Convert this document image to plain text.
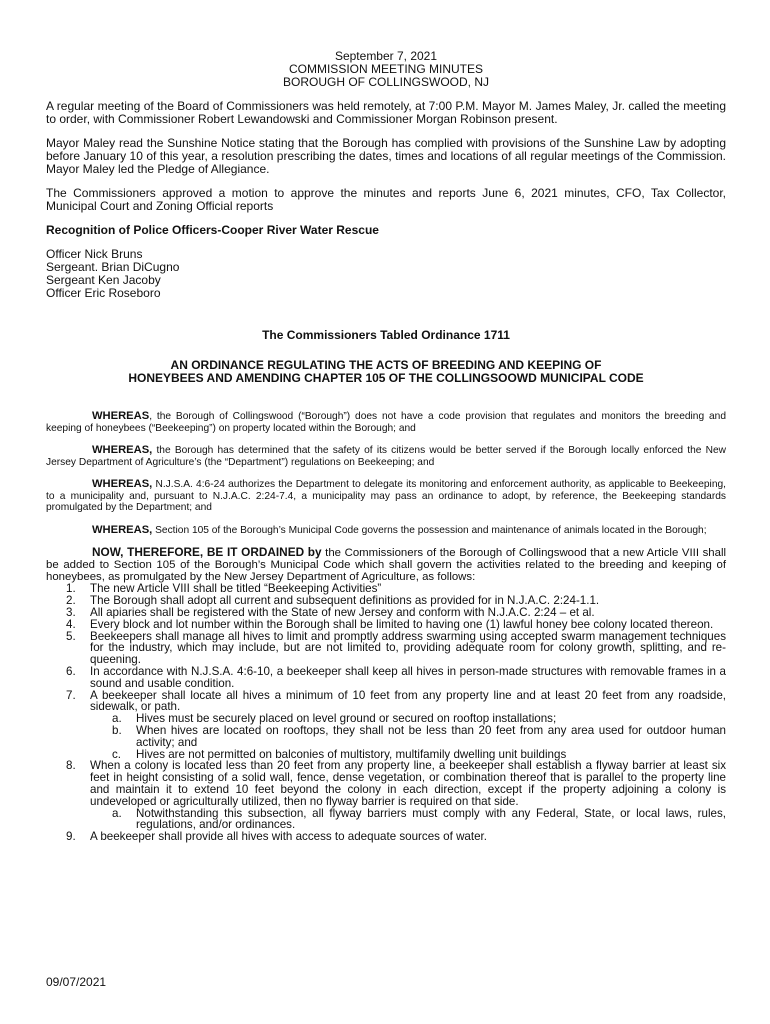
September 7, 2021
COMMISSION MEETING MINUTES
BOROUGH OF COLLINGSWOOD, NJ

A regular meeting of the Board of Commissioners was held remotely, at 7:00 P.M. Mayor M. James Maley, Jr. called the meeting to order, with Commissioner Robert Lewandowski and Commissioner Morgan Robinson present.

Mayor Maley read the Sunshine Notice stating that the Borough has complied with provisions of the Sunshine Law by adopting before January 10 of this year, a resolution prescribing the dates, times and locations of all regular meetings of the Commission. Mayor Maley led the Pledge of Allegiance.

The Commissioners approved a motion to approve the minutes and reports June 6, 2021 minutes, CFO, Tax Collector, Municipal Court and Zoning Official reports

Recognition of Police Officers-Cooper River Water Rescue

Officer Nick Bruns
Sergeant. Brian DiCugno
Sergeant Ken Jacoby
Officer Eric Roseboro

The Commissioners Tabled Ordinance 1711

AN ORDINANCE REGULATING THE ACTS OF BREEDING AND KEEPING OF
HONEYBEES AND AMENDING CHAPTER 105 OF THE COLLINGSOOWD MUNICIPAL CODE

WHEREAS, the Borough of Collingswood (“Borough”) does not have a code provision that regulates and monitors the breeding and keeping of honeybees (“Beekeeping”) on property located within the Borough; and

WHEREAS, the Borough has determined that the safety of its citizens would be better served if the Borough locally enforced the New Jersey Department of Agriculture’s (the “Department”) regulations on Beekeeping; and

WHEREAS, N.J.S.A. 4:6-24 authorizes the Department to delegate its monitoring and enforcement authority, as applicable to Beekeeping, to a municipality and, pursuant to N.J.A.C. 2:24-7.4, a municipality may pass an ordinance to adopt, by reference, the Beekeeping standards promulgated by the Department; and

WHEREAS, Section 105 of the Borough’s Municipal Code governs the possession and maintenance of animals located in the Borough;

NOW, THEREFORE, BE IT ORDAINED by the Commissioners of the Borough of Collingswood that a new Article VIII shall be added to Section 105 of the Borough’s Municipal Code which shall govern the activities related to the breeding and keeping of honeybees, as promulgated by the New Jersey Department of Agriculture, as follows:

1. The new Article VIII shall be titled “Beekeeping Activities”
2. The Borough shall adopt all current and subsequent definitions as provided for in N.J.A.C. 2:24-1.1.
3. All apiaries shall be registered with the State of new Jersey and conform with N.J.A.C. 2:24 – et al.
4. Every block and lot number within the Borough shall be limited to having one (1) lawful honey bee colony located thereon.
5. Beekeepers shall manage all hives to limit and promptly address swarming using accepted swarm management techniques for the industry, which may include, but are not limited to, providing adequate room for colony growth, splitting, and re-queening.
6. In accordance with N.J.S.A. 4:6-10, a beekeeper shall keep all hives in person-made structures with removable frames in a sound and usable condition.
7. A beekeeper shall locate all hives a minimum of 10 feet from any property line and at least 20 feet from any roadside, sidewalk, or path.
a. Hives must be securely placed on level ground or secured on rooftop installations;
b. When hives are located on rooftops, they shall not be less than 20 feet from any area used for outdoor human activity; and
c. Hives are not permitted on balconies of multistory, multifamily dwelling unit buildings
8. When a colony is located less than 20 feet from any property line, a beekeeper shall establish a flyway barrier at least six feet in height consisting of a solid wall, fence, dense vegetation, or combination thereof that is parallel to the property line and maintain it to extend 10 feet beyond the colony in each direction, except if the property adjoining a colony is undeveloped or agriculturally utilized, then no flyway barrier is required on that side.
a. Notwithstanding this subsection, all flyway barriers must comply with any Federal, State, or local laws, rules, regulations, and/or ordinances.
9. A beekeeper shall provide all hives with access to adequate sources of water.
09/07/2021
